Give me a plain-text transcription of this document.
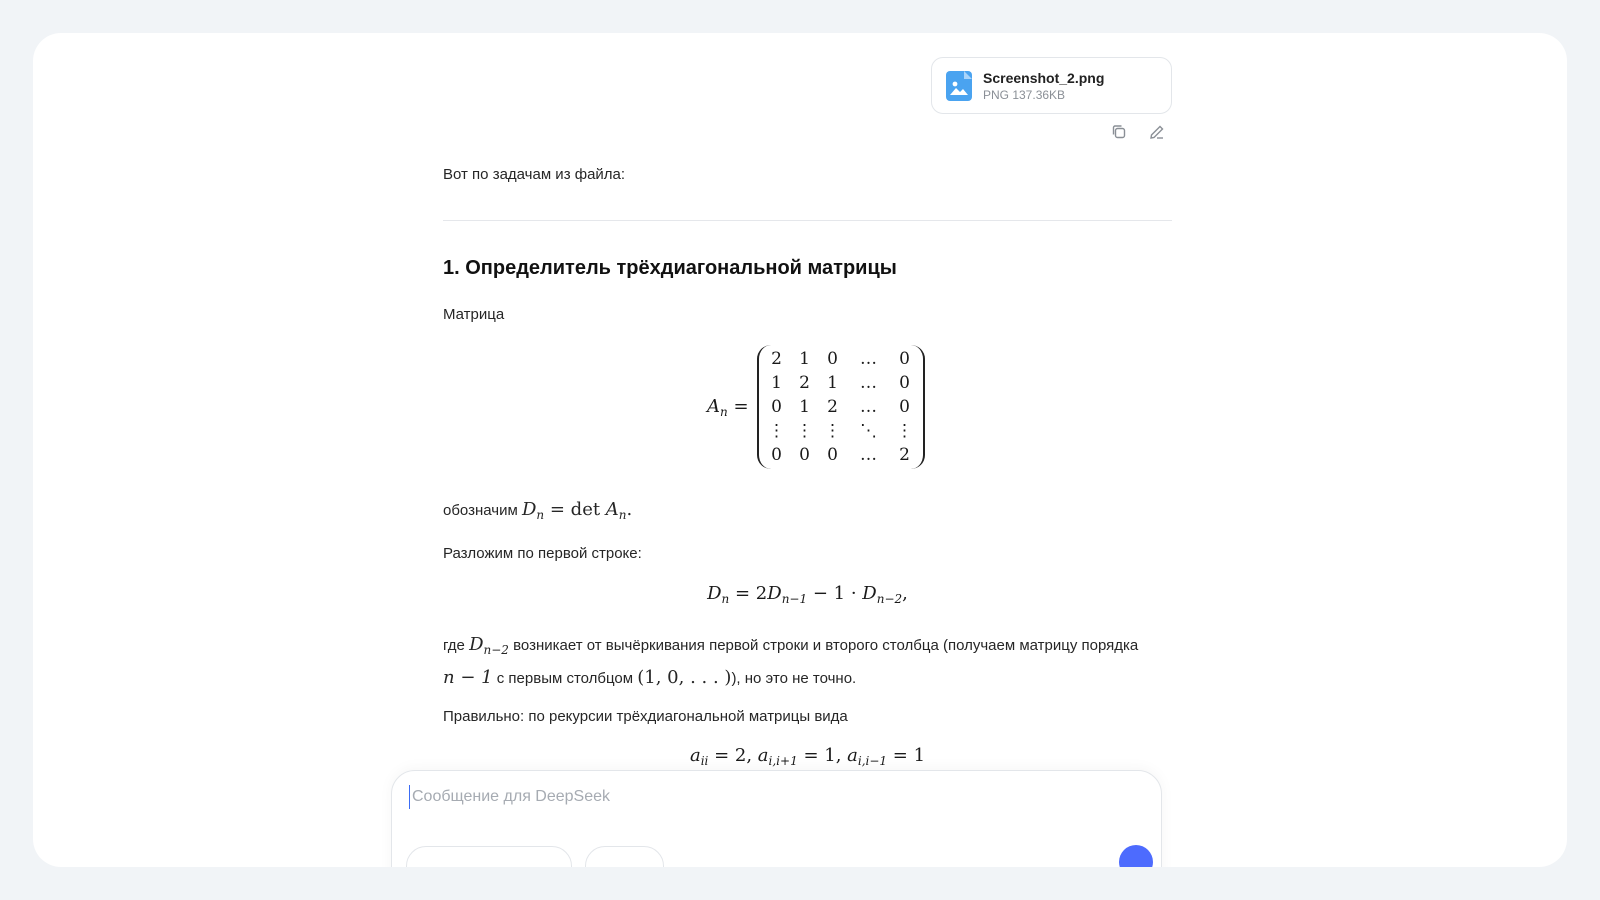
Screenshot_2.png
PNG 137.36KB
Вот по задачам из файла:
1. Определитель трёхдиагональной матрицы
Матрица
$A_n$ =
2	1	0	…	0
1	2	1	…	0
0	1	2	…	0
⋮ ⋮ ⋮	⋱	⋮
0	0	0	…	2
обозначим $D_n = \det A_n$.
Разложим по первой строке:
$D_n = 2D_{n-1} - 1 \cdot D_{n-2}$,
где $D_{n-2}$ возникает от вычёркивания первой строки и второго столбца (получаем матрицу порядка
n − 1 с первым столбцом (1, 0, . . . )), но это не точно.
Правильно: по рекурсии трёхдиагональной матрицы вида
$a_{ii} = 2$, $a_{i,i+1} = 1$, $a_{i,i-1} = 1$
Сообщение для DeepSeek
